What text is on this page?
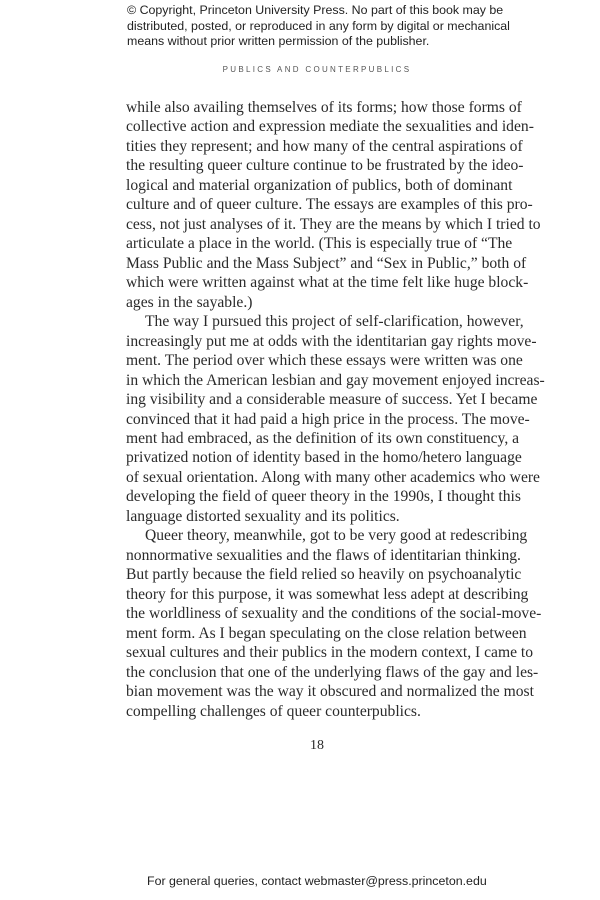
© Copyright, Princeton University Press. No part of this book may be
distributed, posted, or reproduced in any form by digital or mechanical
means without prior written permission of the publisher.
PUBLICS AND COUNTERPUBLICS
while also availing themselves of its forms; how those forms of
collective action and expression mediate the sexualities and iden-
tities they represent; and how many of the central aspirations of
the resulting queer culture continue to be frustrated by the ideo-
logical and material organization of publics, both of dominant
culture and of queer culture. The essays are examples of this pro-
cess, not just analyses of it. They are the means by which I tried to
articulate a place in the world. (This is especially true of “The
Mass Public and the Mass Subject” and “Sex in Public,” both of
which were written against what at the time felt like huge block-
ages in the sayable.)
The way I pursued this project of self-clarification, however,
increasingly put me at odds with the identitarian gay rights move-
ment. The period over which these essays were written was one
in which the American lesbian and gay movement enjoyed increas-
ing visibility and a considerable measure of success. Yet I became
convinced that it had paid a high price in the process. The move-
ment had embraced, as the definition of its own constituency, a
privatized notion of identity based in the homo/hetero language
of sexual orientation. Along with many other academics who were
developing the field of queer theory in the 1990s, I thought this
language distorted sexuality and its politics.
Queer theory, meanwhile, got to be very good at redescribing
nonnormative sexualities and the flaws of identitarian thinking.
But partly because the field relied so heavily on psychoanalytic
theory for this purpose, it was somewhat less adept at describing
the worldliness of sexuality and the conditions of the social-move-
ment form. As I began speculating on the close relation between
sexual cultures and their publics in the modern context, I came to
the conclusion that one of the underlying flaws of the gay and les-
bian movement was the way it obscured and normalized the most
compelling challenges of queer counterpublics.
18
For general queries, contact webmaster@press.princeton.edu
